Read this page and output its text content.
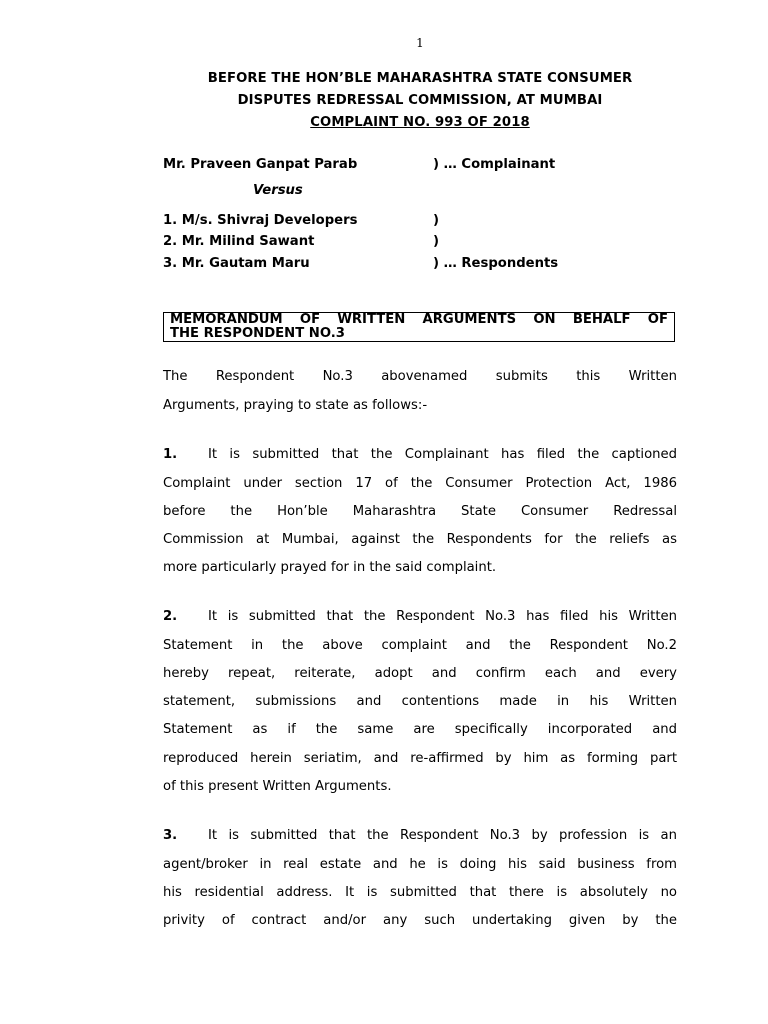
1
BEFORE THE HON’BLE MAHARASHTRA STATE CONSUMER
DISPUTES REDRESSAL COMMISSION, AT MUMBAI
COMPLAINT NO. 993 OF 2018
Mr. Praveen Ganpat Parab	) … Complainant
Versus
1. M/s. Shivraj Developers	)
2. Mr. Milind Sawant	)
3. Mr. Gautam Maru	) … Respondents
MEMORANDUM OF WRITTEN ARGUMENTS ON BEHALF OF
THE RESPONDENT NO.3
The Respondent No.3 abovenamed submits this Written
Arguments, praying to state as follows:-
1. It is submitted that the Complainant has filed the captioned
Complaint under section 17 of the Consumer Protection Act, 1986
before the Hon’ble Maharashtra State Consumer Redressal
Commission at Mumbai, against the Respondents for the reliefs as
more particularly prayed for in the said complaint.
2. It is submitted that the Respondent No.3 has filed his Written
Statement in the above complaint and the Respondent No.2
hereby repeat, reiterate, adopt and confirm each and every
statement, submissions and contentions made in his Written
Statement as if the same are specifically incorporated and
reproduced herein seriatim, and re-affirmed by him as forming part
of this present Written Arguments.
3. It is submitted that the Respondent No.3 by profession is an
agent/broker in real estate and he is doing his said business from
his residential address. It is submitted that there is absolutely no
privity of contract and/or any such undertaking given by the
